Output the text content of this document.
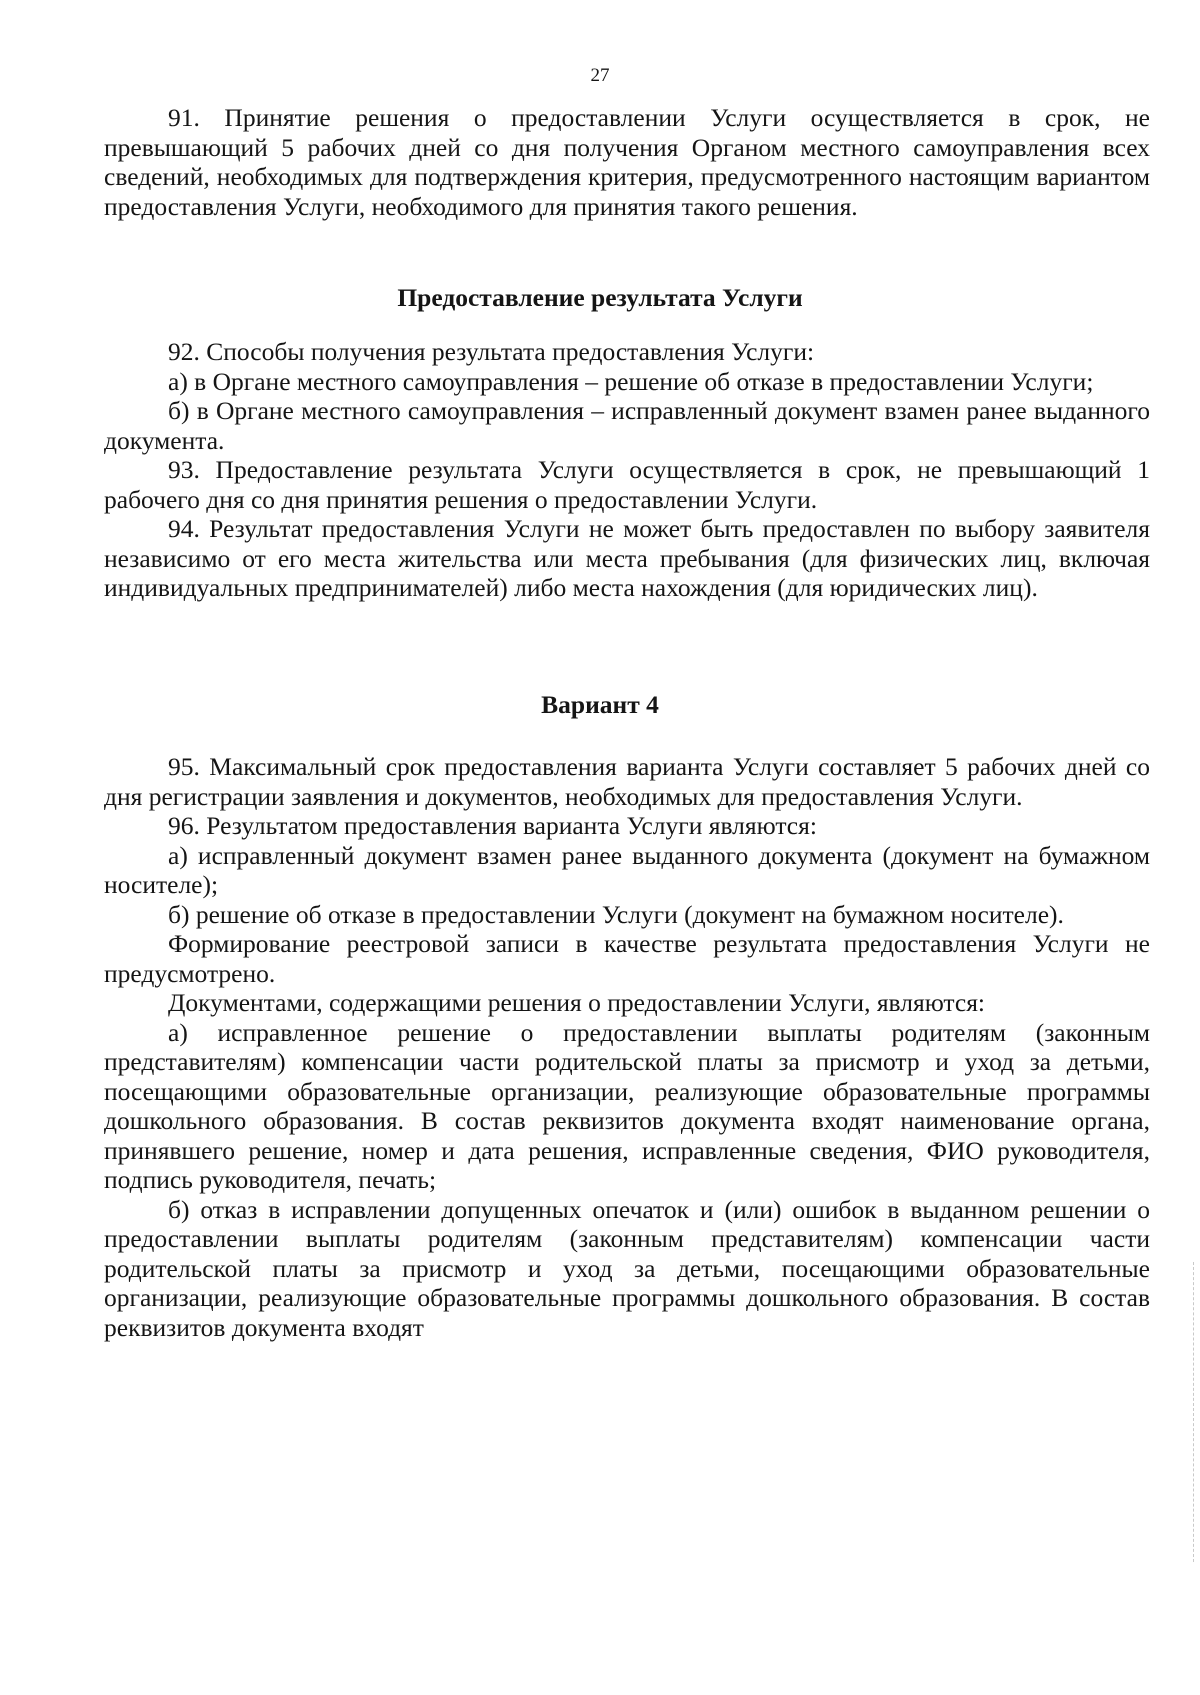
27

91. Принятие решения о предоставлении Услуги осуществляется в срок, не превышающий 5 рабочих дней со дня получения Органом местного самоуправления всех сведений, необходимых для подтверждения критерия, предусмотренного настоящим вариантом предоставления Услуги, необходимого для принятия такого решения.

Предоставление результата Услуги

92. Способы получения результата предоставления Услуги:

а) в Органе местного самоуправления – решение об отказе в предоставлении Услуги;

б) в Органе местного самоуправления – исправленный документ взамен ранее выданного документа.

93. Предоставление результата Услуги осуществляется в срок, не превышающий 1 рабочего дня со дня принятия решения о предоставлении Услуги.

94. Результат предоставления Услуги не может быть предоставлен по выбору заявителя независимо от его места жительства или места пребывания (для физических лиц, включая индивидуальных предпринимателей) либо места нахождения (для юридических лиц).

Вариант 4

95. Максимальный срок предоставления варианта Услуги составляет 5 рабочих дней со дня регистрации заявления и документов, необходимых для предоставления Услуги.

96. Результатом предоставления варианта Услуги являются:

а) исправленный документ взамен ранее выданного документа (документ на бумажном носителе);

б) решение об отказе в предоставлении Услуги (документ на бумажном носителе).

Формирование реестровой записи в качестве результата предоставления Услуги не предусмотрено.

Документами, содержащими решения о предоставлении Услуги, являются:

а) исправленное решение о предоставлении выплаты родителям (законным представителям) компенсации части родительской платы за присмотр и уход за детьми, посещающими образовательные организации, реализующие образовательные программы дошкольного образования. В состав реквизитов документа входят наименование органа, принявшего решение, номер и дата решения, исправленные сведения, ФИО руководителя, подпись руководителя, печать;

б) отказ в исправлении допущенных опечаток и (или) ошибок в выданном решении о предоставлении выплаты родителям (законным представителям) компенсации части родительской платы за присмотр и уход за детьми, посещающими образовательные организации, реализующие образовательные программы дошкольного образования. В состав реквизитов документа входят
